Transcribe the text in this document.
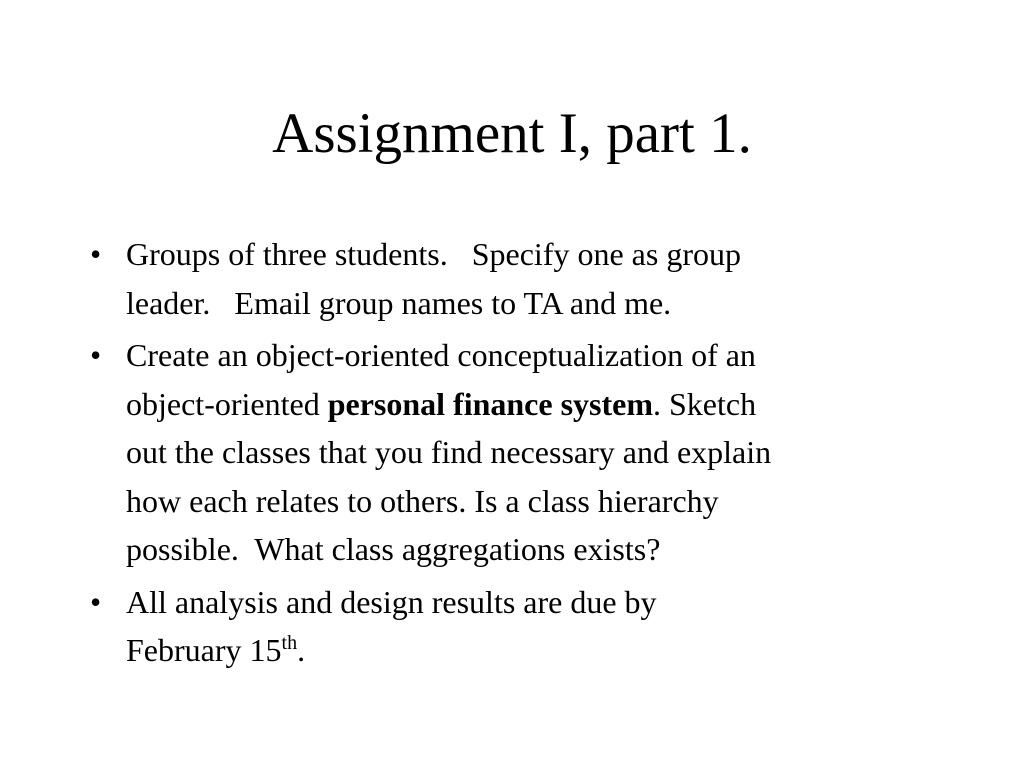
Assignment I, part 1.
• Groups of three students.   Specify one as group
leader.   Email group names to TA and me.
• Create an object-oriented conceptualization of an
object-oriented personal finance system. Sketch
out the classes that you find necessary and explain
how each relates to others. Is a class hierarchy
possible.  What class aggregations exists?
• All analysis and design results are due by
February 15th.
